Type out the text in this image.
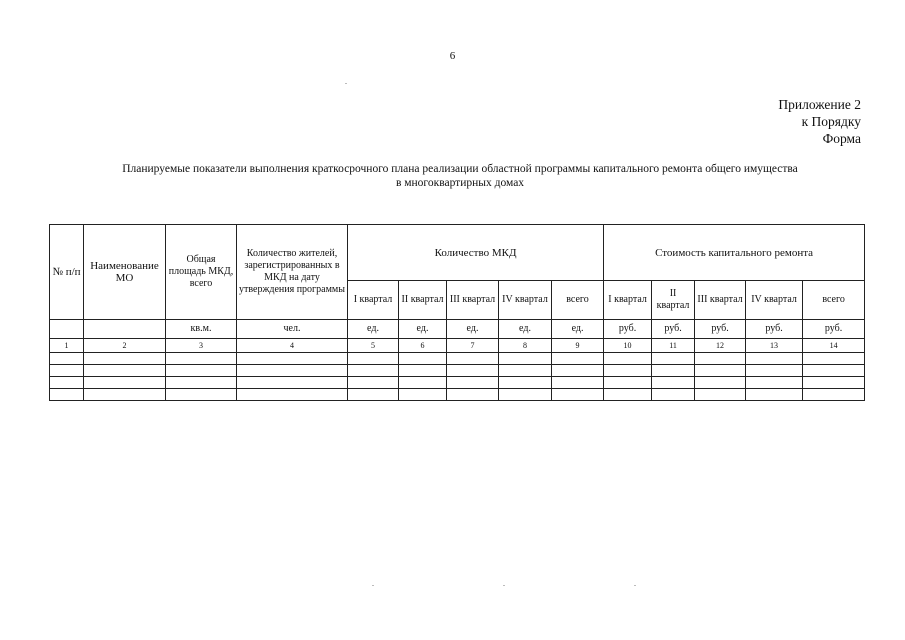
6
Приложение 2
к Порядку
Форма
Планируемые показатели выполнения краткосрочного плана реализации областной программы капитального ремонта общего имущества
в многоквартирных домах
№ п/п	Наименование МО	Общая площадь МКД, всего	Количество жителей, зарегистрированных в МКД на дату утверждения программы	Количество МКД					Стоимость капитального ремонта				
				I квартал	II квартал	III квартал	IV квартал	всего	I квартал	II квартал	III квартал	IV квартал	всего
		кв.м.	чел.	ед.	ед.	ед.	ед.	ед.	руб.	руб.	руб.	руб.	руб.
1	2	3	4	5	6	7	8	9	10	11	12	13	14
